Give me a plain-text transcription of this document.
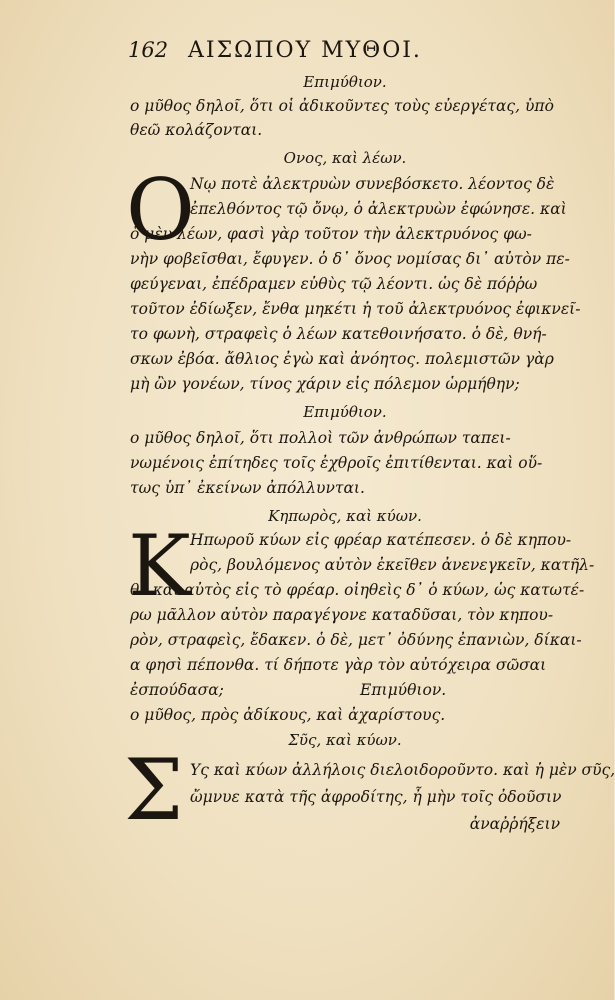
162 ΑΙΣΩΠΟΥ ΜΥΘΟΙ.
Επιμύθιον.
ο μῦθος δηλοῖ, ὅτι οἱ ἀδικοῦντες τοὺς εὐεργέτας, ὑπὸ
θεῶ κολάζονται.
Ονος, καὶ λέων.
O
Νῳ ποτὲ ἀλεκτρυὼν συνεβόσκετο. λέοντος δὲ
ἐπελθόντος τῷ ὄνῳ, ὁ ἀλεκτρυὼν ἐφώνησε. καὶ
ὁ μὲν λέων, φασὶ γὰρ τοῦτον τὴν ἀλεκτρυόνος φω-
νὴν φοβεῖσθαι, ἔφυγεν. ὁ δ᾽ ὄνος νομίσας δι᾽ αὐτὸν πε-
φεύγεναι, ἐπέδραμεν εὐθὺς τῷ λέοντι. ὡς δὲ πόῤῥω
τοῦτον ἐδίωξεν, ἔνθα μηκέτι ἡ τοῦ ἀλεκτρυόνος ἐφικνεῖ-
το φωνὴ, στραφεὶς ὁ λέων κατεθοινήσατο. ὁ δὲ, θνή-
σκων ἐβόα. ἄθλιος ἐγὼ καὶ ἀνόητος. πολεμιστῶν γὰρ
μὴ ὢν γονέων, τίνος χάριν εἰς πόλεμον ὡρμήθην;
Επιμύθιον.
ο μῦθος δηλοῖ, ὅτι πολλοὶ τῶν ἀνθρώπων ταπει-
νωμένοις ἐπίτηδες τοῖς ἐχθροῖς ἐπιτίθενται. καὶ οὕ-
τως ὑπ᾽ ἐκείνων ἀπόλλυνται.
Κηπωρὸς, καὶ κύων.
K Ηπωροῦ κύων εἰς φρέαρ κατέπεσεν. ὁ δὲ κηπου-
ρὸς, βουλόμενος αὐτὸν ἐκεῖθεν ἀνενεγκεῖν, κατῆλ-
θε καὶ αὐτὸς εἰς τὸ φρέαρ. οἰηθεὶς δ᾽ ὁ κύων, ὡς κατωτέ-
ρω μᾶλλον αὐτὸν παραγέγονε καταδῦσαι, τὸν κηπου-
ρὸν, στραφεὶς, ἔδακεν. ὁ δὲ, μετ᾽ ὀδύνης ἐπανιὼν, δίκαι-
α φησὶ πέπονθα. τί δήποτε γὰρ τὸν αὐτόχειρα σῶσαι
ἐσπούδασα;	Επιμύθιον.
ο μῦθος, πρὸς ἀδίκους, καὶ ἀχαρίστους.
Σῦς, καὶ κύων.
Σ Υς καὶ κύων ἀλλήλοις διελοιδοροῦντο. καὶ ἡ μὲν σῦς,
ὤμνυε κατὰ τῆς ἀφροδίτης, ἦ μὴν τοῖς ὀδοῦσιν
ἀναῤῥήξειν
